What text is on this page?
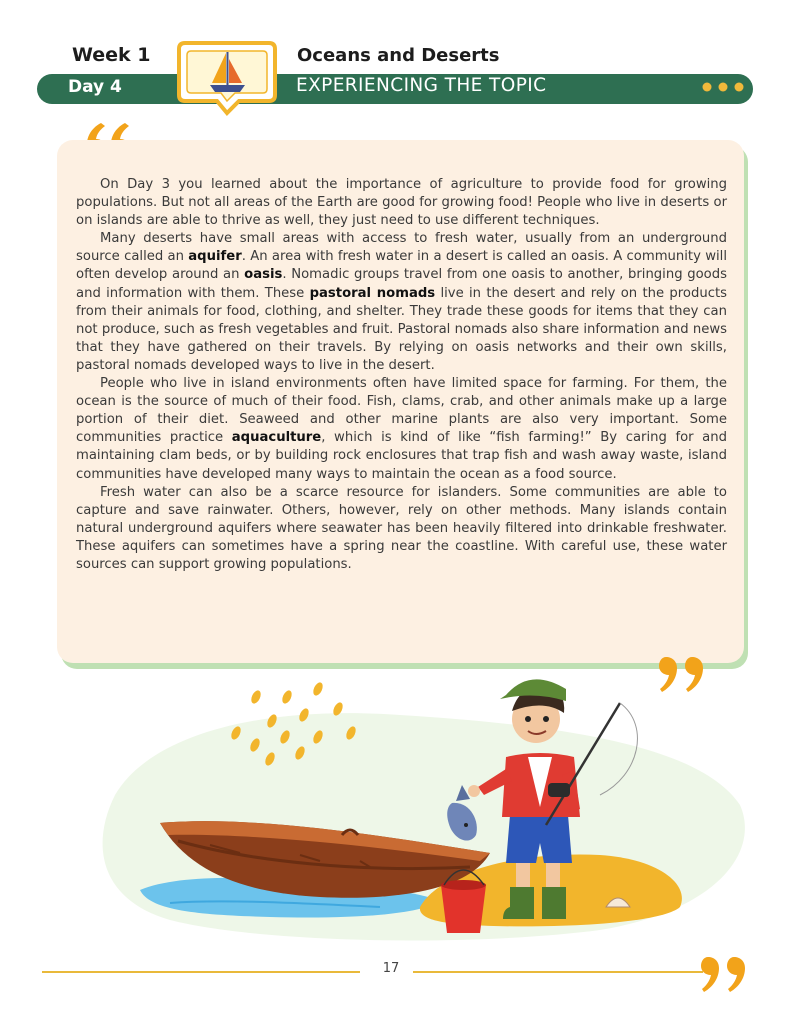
Week 1	Oceans and Deserts
Day 4	EXPERIENCING THE TOPIC

On Day 3 you learned about the importance of agriculture to provide food for growing populations. But not all areas of the Earth are good for growing food! People who live in deserts or on islands are able to thrive as well, they just need to use different techniques.

Many deserts have small areas with access to fresh water, usually from an underground source called an aquifer. An area with fresh water in a desert is called an oasis. A community will often develop around an oasis. Nomadic groups travel from one oasis to another, bringing goods and information with them. These pastoral nomads live in the desert and rely on the products from their animals for food, clothing, and shelter. They trade these goods for items that they can not produce, such as fresh vegetables and fruit. Pastoral nomads also share information and news that they have gathered on their travels. By relying on oasis networks and their own skills, pastoral nomads developed ways to live in the desert.

People who live in island environments often have limited space for farming. For them, the ocean is the source of much of their food. Fish, clams, crab, and other animals make up a large portion of their diet. Seaweed and other marine plants are also very important. Some communities practice aquaculture, which is kind of like “fish farming!” By caring for and maintaining clam beds, or by building rock enclosures that trap fish and wash away waste, island communities have developed many ways to maintain the ocean as a food source.

Fresh water can also be a scarce resource for islanders. Some communities are able to capture and save rainwater. Others, however, rely on other methods. Many islands contain natural underground aquifers where seawater has been heavily filtered into drinkable freshwater. These aquifers can sometimes have a spring near the coastline. With careful use, these water sources can support growing populations.

17
